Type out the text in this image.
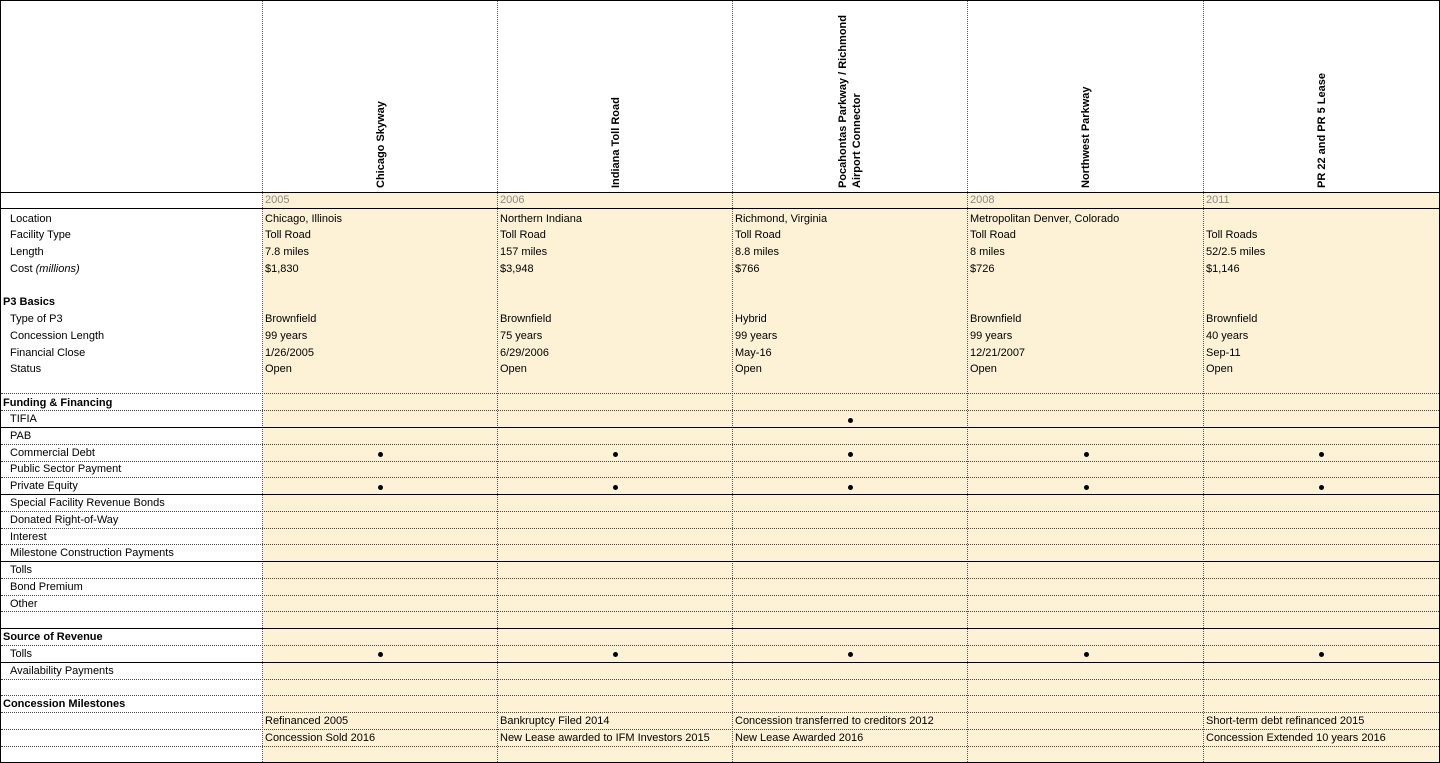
Chicago Skyway
2005
Indiana Toll Road
2006
Pocahontas Parkway / Richmond Airport Connector	Northwest Parkway
2008
PR 22 and PR 5 Lease
2011
Location
Facility Type
Length
Cost (millions)
P3 Basics
Type of P3
Concession Length
Financial Close
Status
Funding & Financing
TIFIA
PAB
Commercial Debt
Public Sector Payment
Private Equity
Special Facility Revenue Bonds
Donated Right-of-Way
Interest
Milestone Construction Payments
Tolls
Bond Premium
Other
Source of Revenue
Tolls
Availability Payments
Concession Milestones
Chicago, Illinois
Toll Road
7.8 miles
$1,830
Brownfield
99 years
1/26/2005
Open
Refinanced 2005
Concession Sold 2016
Northern Indiana
Toll Road
157 miles
$3,948
Brownfield
75 years
6/29/2006
Open
Bankruptcy Filed 2014
New Lease awarded to IFM Investors 2015
Richmond, Virginia
Toll Road
8.8 miles
$766
Hybrid
99 years
May-16
Open
Concession transferred to creditors 2012
New Lease Awarded 2016
Metropolitan Denver, Colorado
Toll Road
8 miles
$726
Brownfield
99 years
12/21/2007
Open
Toll Roads
52/2.5 miles
$1,146
Brownfield
40 years
Sep-11
Open
Short-term debt refinanced 2015
Concession Extended 10 years 2016
